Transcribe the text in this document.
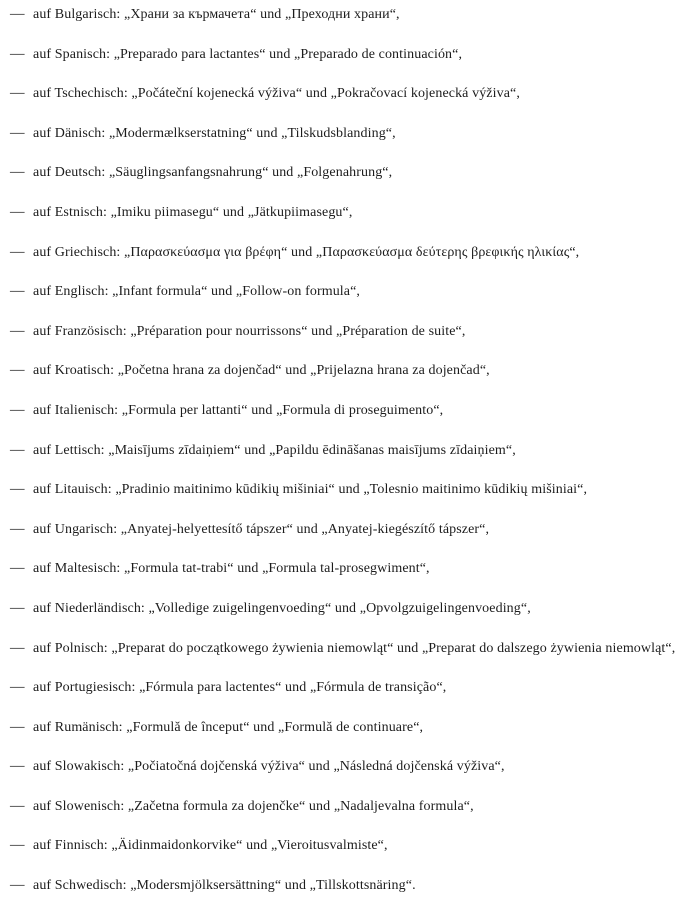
— auf Bulgarisch: „Храни за кърмачета“ und „Преходни храни“,
— auf Spanisch: „Preparado para lactantes“ und „Preparado de continuación“,
— auf Tschechisch: „Počáteční kojenecká výživa“ und „Pokračovací kojenecká výživa“,
— auf Dänisch: „Modermælkserstatning“ und „Tilskudsblanding“,
— auf Deutsch: „Säuglingsanfangsnahrung“ und „Folgenahrung“,
— auf Estnisch: „Imiku piimasegu“ und „Jätkupiimasegu“,
— auf Griechisch: „Παρασκεύασμα για βρέφη“ und „Παρασκεύασμα δεύτερης βρεφικής ηλικίας“,
— auf Englisch: „Infant formula“ und „Follow-on formula“,
— auf Französisch: „Préparation pour nourrissons“ und „Préparation de suite“,
— auf Kroatisch: „Početna hrana za dojenčad“ und „Prijelazna hrana za dojenčad“,
— auf Italienisch: „Formula per lattanti“ und „Formula di proseguimento“,
— auf Lettisch: „Maisījums zīdaiņiem“ und „Papildu ēdināšanas maisījums zīdaiņiem“,
— auf Litauisch: „Pradinio maitinimo kūdikių mišiniai“ und „Tolesnio maitinimo kūdikių mišiniai“,
— auf Ungarisch: „Anyatej-helyettesítő tápszer“ und „Anyatej-kiegészítő tápszer“,
— auf Maltesisch: „Formula tat-trabi“ und „Formula tal-prosegwiment“,
— auf Niederländisch: „Volledige zuigelingenvoeding“ und „Opvolgzuigelingenvoeding“,
— auf Polnisch: „Preparat do początkowego żywienia niemowląt“ und „Preparat do dalszego żywienia niemowląt“,
— auf Portugiesisch: „Fórmula para lactentes“ und „Fórmula de transição“,
— auf Rumänisch: „Formulă de început“ und „Formulă de continuare“,
— auf Slowakisch: „Počiatočná dojčenská výživa“ und „Následná dojčenská výživa“,
— auf Slowenisch: „Začetna formula za dojenčke“ und „Nadaljevalna formula“,
— auf Finnisch: „Äidinmaidonkorvike“ und „Vieroitusvalmiste“,
— auf Schwedisch: „Modersmjölksersättning“ und „Tillskottsnäring“.
